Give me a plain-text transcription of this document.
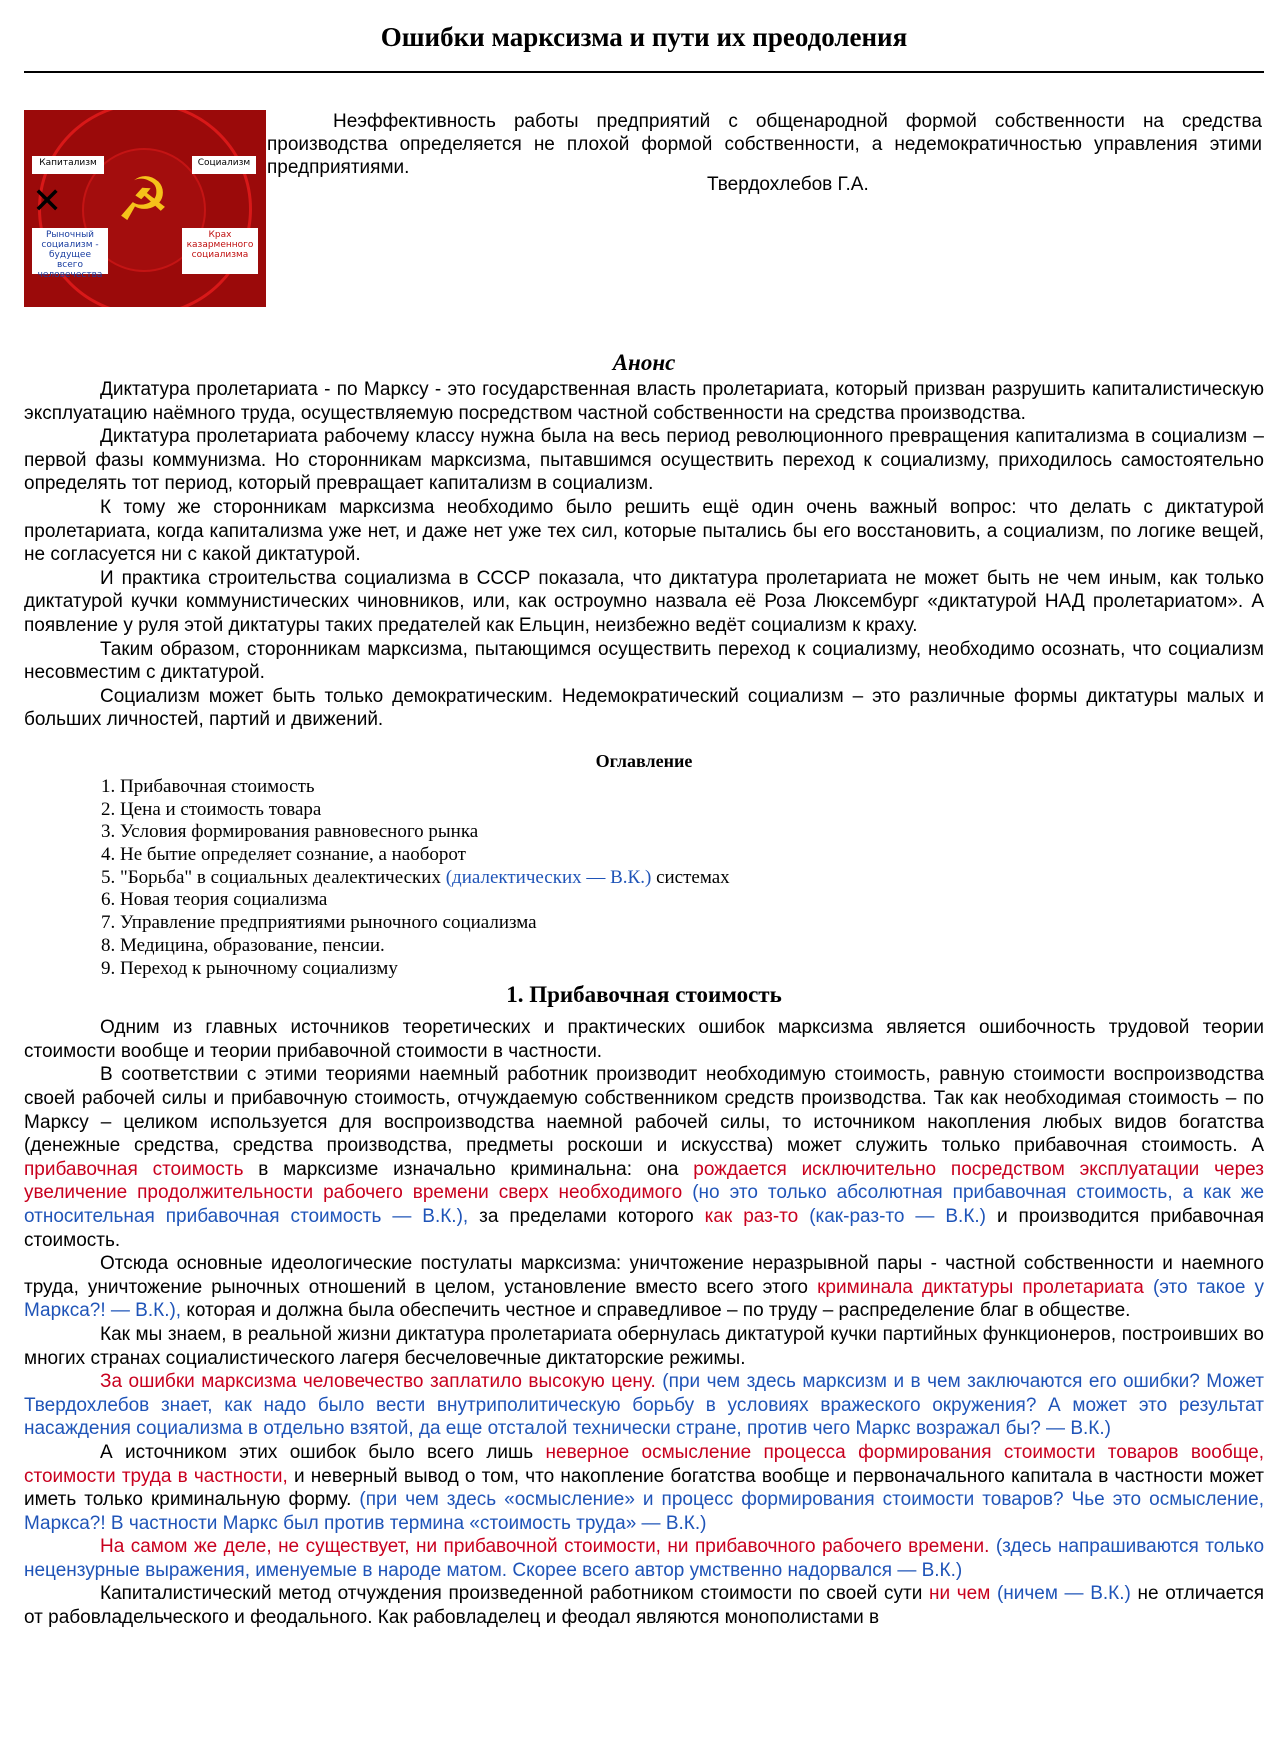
Ошибки марксизма и пути их преодоления
☭
Капитализм	Социализм
✕
Рыночный социализм - будущее всего человечества
Крах казарменного социализма
Неэффективность работы предприятий с общенародной формой собственности на средства производства определяется не плохой формой собственности, а недемократичностью управления этими предприятиями.
Твердохлебов Г.А.
Анонс

Диктатура пролетариата - по Марксу - это государственная власть пролетариата, который призван разрушить капиталистическую эксплуатацию наёмного труда, осуществляемую посредством частной собственности на средства производства.

Диктатура пролетариата рабочему классу нужна была на весь период революционного превращения капитализма в социализм – первой фазы коммунизма. Но сторонникам марксизма, пытавшимся осуществить переход к социализму, приходилось самостоятельно определять тот период, который превращает капитализм в социализм.

К тому же сторонникам марксизма необходимо было решить ещё один очень важный вопрос: что делать с диктатурой пролетариата, когда капитализма уже нет, и даже нет уже тех сил, которые пытались бы его восстановить, а социализм, по логике вещей, не согласуется ни с какой диктатурой.

И практика строительства социализма в СССР показала, что диктатура пролетариата не может быть не чем иным, как только диктатурой кучки коммунистических чиновников, или, как остроумно назвала её Роза Люксембург «диктатурой НАД пролетариатом». А появление у руля этой диктатуры таких предателей как Ельцин, неизбежно ведёт социализм к краху.

Таким образом, сторонникам марксизма, пытающимся осуществить переход к социализму, необходимо осознать, что социализм несовместим с диктатурой.

Социализм может быть только демократическим. Недемократический социализм – это различные формы диктатуры малых и больших личностей, партий и движений.

Оглавление
1. Прибавочная стоимость
2. Цена и стоимость товара
3. Условия формирования равновесного рынка
4. Не бытие определяет сознание, а наоборот
5. "Борьба" в социальных деалектических (диалектических — В.К.) системах
6. Новая теория социализма
7. Управление предприятиями рыночного социализма
8. Медицина, образование, пенсии.
9. Переход к рыночному социализму
1. Прибавочная стоимость

Одним из главных источников теоретических и практических ошибок марксизма является ошибочность трудовой теории стоимости вообще и теории прибавочной стоимости в частности.

В соответствии с этими теориями наемный работник производит необходимую стоимость, равную стоимости воспроизводства своей рабочей силы и прибавочную стоимость, отчуждаемую собственником средств производства. Так как необходимая стоимость – по Марксу – целиком используется для воспроизводства наемной рабочей силы, то источником накопления любых видов богатства (денежные средства, средства производства, предметы роскоши и искусства) может служить только прибавочная стоимость. А прибавочная стоимость в марксизме изначально криминальна: она рождается исключительно посредством эксплуатации через увеличение продолжительности рабочего времени сверх необходимого (но это только абсолютная прибавочная стоимость, а как же относительная прибавочная стоимость — В.К.), за пределами которого как раз-то (как-раз-то — В.К.) и производится прибавочная стоимость.

Отсюда основные идеологические постулаты марксизма: уничтожение неразрывной пары - частной собственности и наемного труда, уничтожение рыночных отношений в целом, установление вместо всего этого криминала диктатуры пролетариата (это такое у Маркса?! — В.К.), которая и должна была обеспечить честное и справедливое – по труду – распределение благ в обществе.

Как мы знаем, в реальной жизни диктатура пролетариата обернулась диктатурой кучки партийных функционеров, построивших во многих странах социалистического лагеря бесчеловечные диктаторские режимы.

За ошибки марксизма человечество заплатило высокую цену. (при чем здесь марксизм и в чем заключаются его ошибки? Может Твердохлебов знает, как надо было вести внутриполитическую борьбу в условиях вражеского окружения? А может это результат насаждения социализма в отдельно взятой, да еще отсталой технически стране, против чего Маркс возражал бы? — В.К.)

А источником этих ошибок было всего лишь неверное осмысление процесса формирования стоимости товаров вообще, стоимости труда в частности, и неверный вывод о том, что накопление богатства вообще и первоначального капитала в частности может иметь только криминальную форму. (при чем здесь «осмысление» и процесс формирования стоимости товаров? Чье это осмысление, Маркса?! В частности Маркс был против термина «стоимость труда» — В.К.)

На самом же деле, не существует, ни прибавочной стоимости, ни прибавочного рабочего времени. (здесь напрашиваются только нецензурные выражения, именуемые в народе матом. Скорее всего автор умственно надорвался — В.К.)

Капиталистический метод отчуждения произведенной работником стоимости по своей сути ни чем (ничем — В.К.) не отличается от рабовладельческого и феодального. Как рабовладелец и феодал являются монополистами в
